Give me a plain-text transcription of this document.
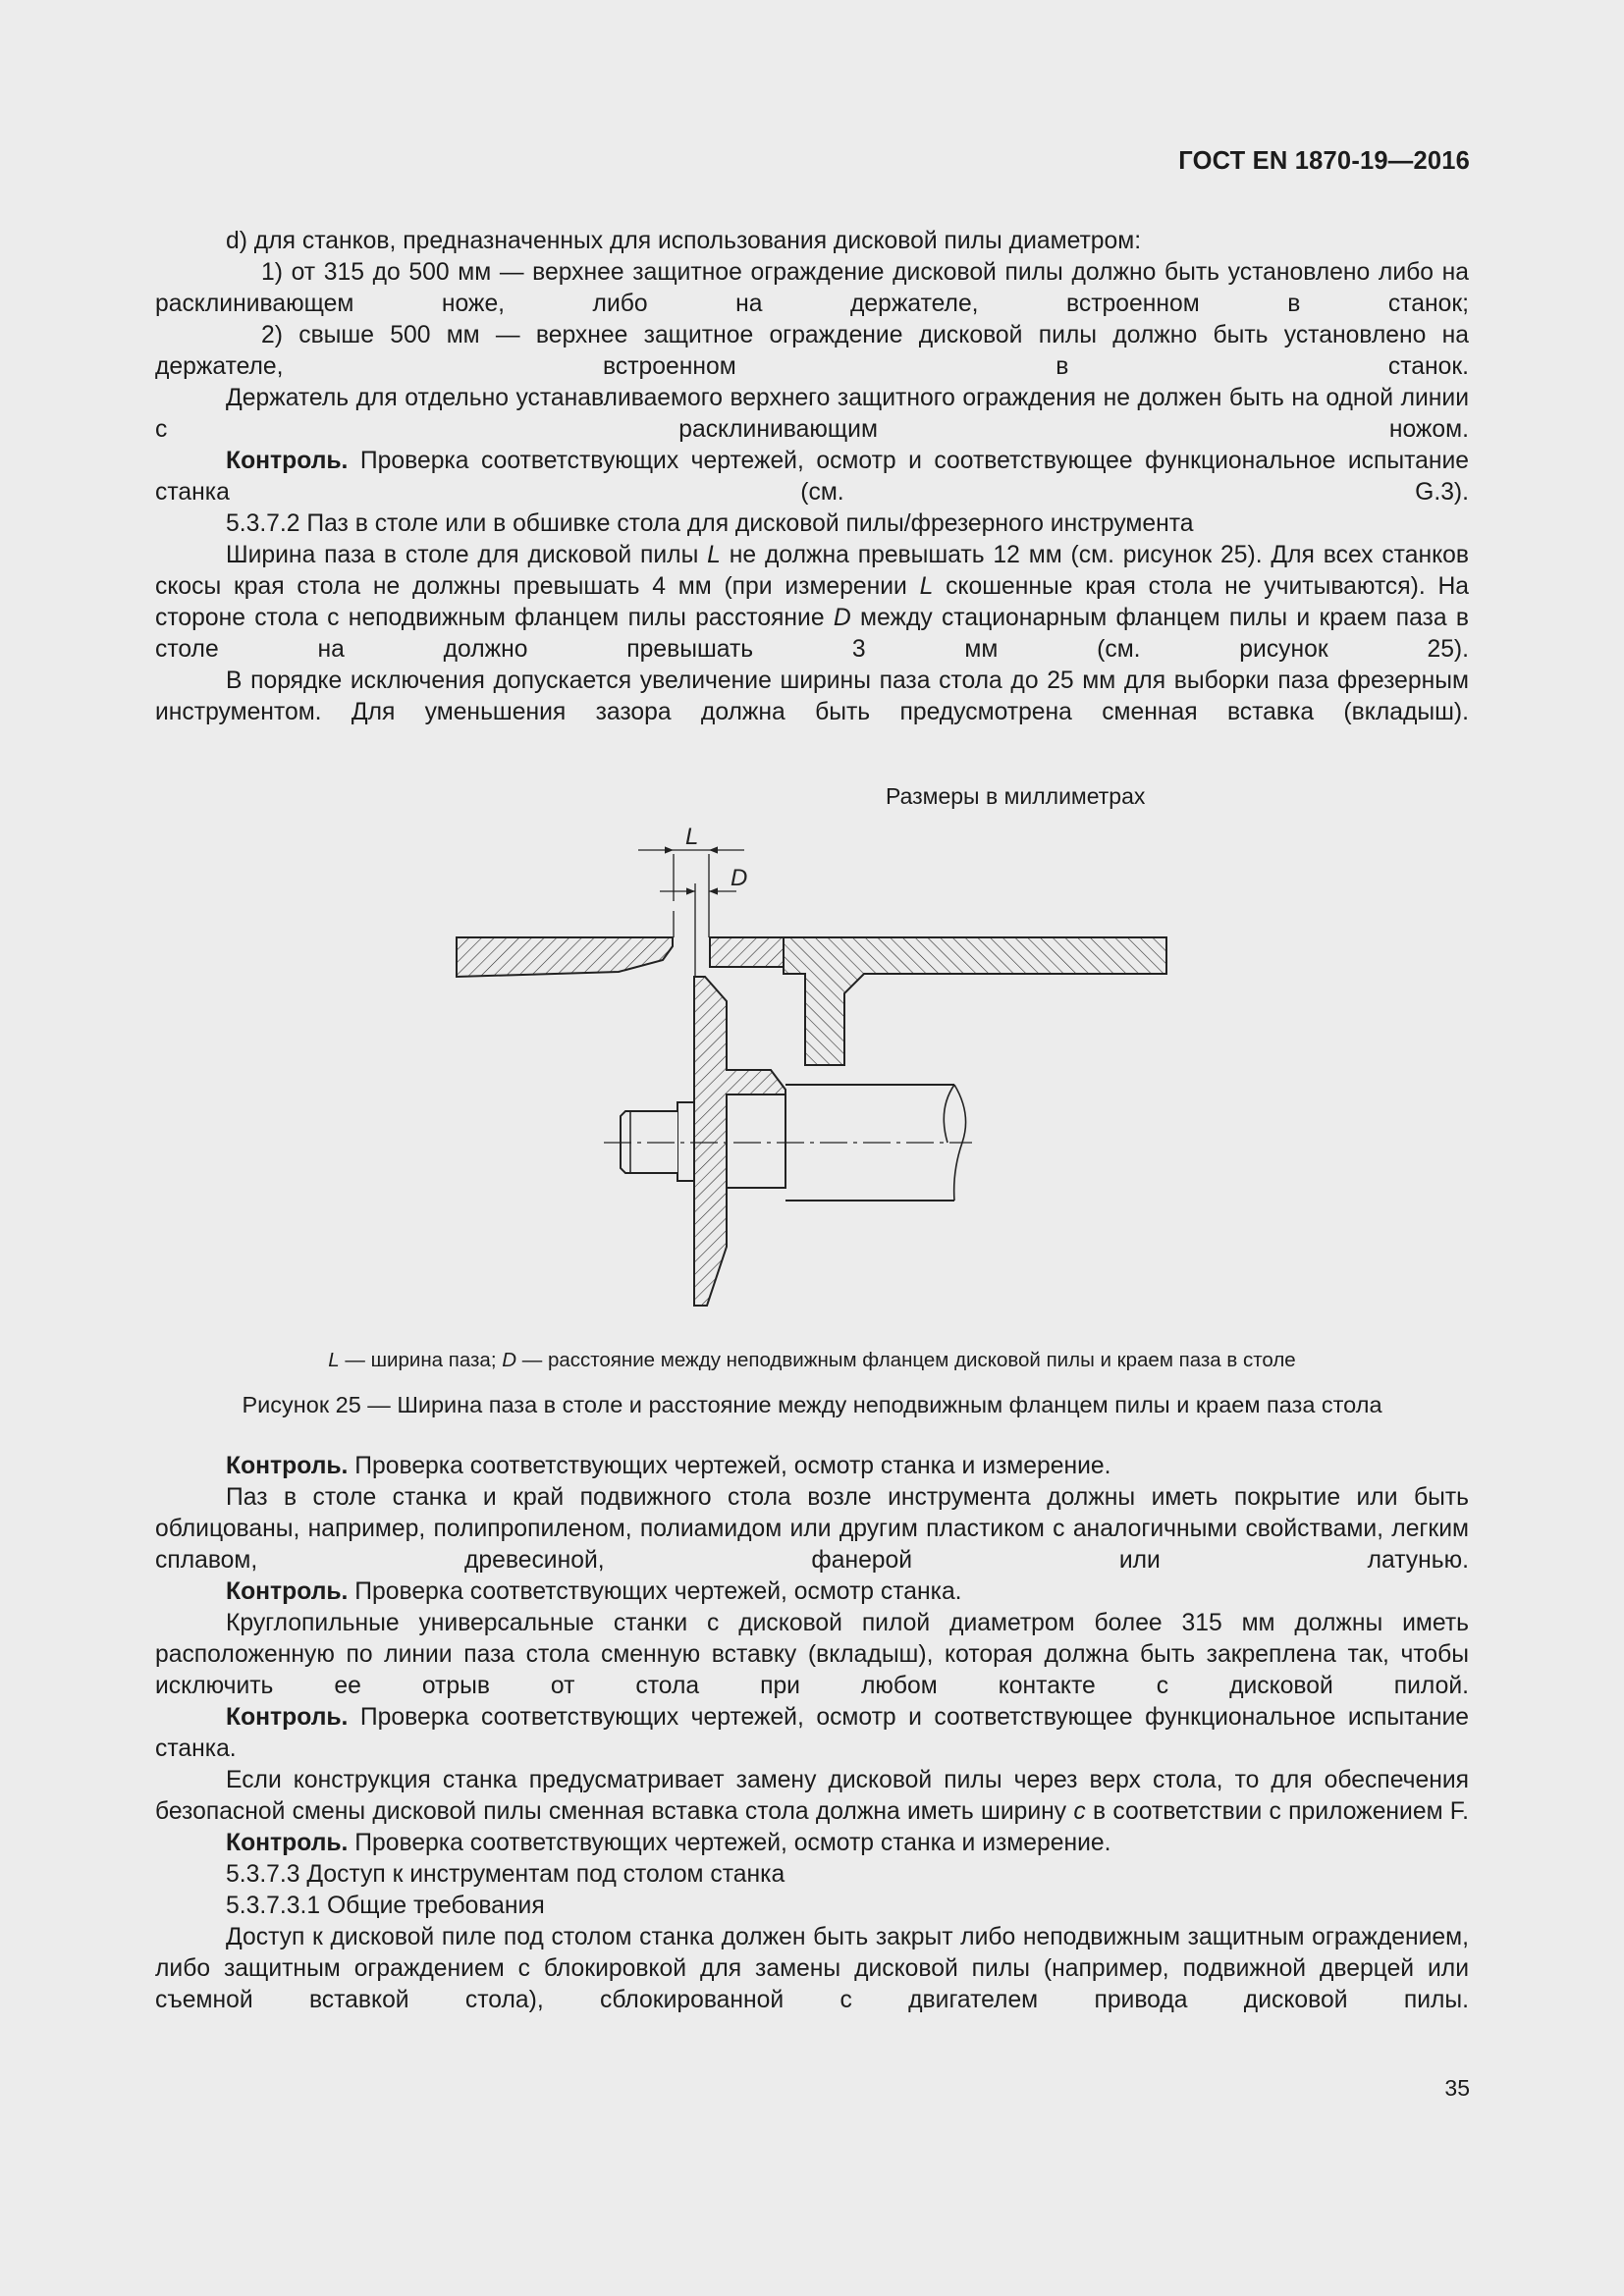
ГОСТ EN 1870-19—2016

d) для станков, предназначенных для использования дисковой пилы диаметром:

1) от 315 до 500 мм — верхнее защитное ограждение дисковой пилы должно быть установлено либо на расклинивающем ноже, либо на держателе, встроенном в станок;

2) свыше 500 мм — верхнее защитное ограждение дисковой пилы должно быть установлено на держателе, встроенном в станок.

Держатель для отдельно устанавливаемого верхнего защитного ограждения не должен быть на одной линии с расклинивающим ножом.

Контроль. Проверка соответствующих чертежей, осмотр и соответствующее функциональное испытание станка (см. G.3).

5.3.7.2 Паз в столе или в обшивке стола для дисковой пилы/фрезерного инструмента

Ширина паза в столе для дисковой пилы L не должна превышать 12 мм (см. рисунок 25). Для всех станков скосы края стола не должны превышать 4 мм (при измерении L скошенные края стола не учитываются). На стороне стола с неподвижным фланцем пилы расстояние D между стационарным фланцем пилы и краем паза в столе на должно превышать 3 мм (см. рисунок 25).

В порядке исключения допускается увеличение ширины паза стола до 25 мм для выборки паза фрезерным инструментом. Для уменьшения зазора должна быть предусмотрена сменная вставка (вкладыш).

Размеры в миллиметрах
L
D
L — ширина паза; D — расстояние между неподвижным фланцем дисковой пилы и краем паза в столе
Рисунок 25 — Ширина паза в столе и расстояние между неподвижным фланцем пилы и краем паза стола

Контроль. Проверка соответствующих чертежей, осмотр станка и измерение.

Паз в столе станка и край подвижного стола возле инструмента должны иметь покрытие или быть облицованы, например, полипропиленом, полиамидом или другим пластиком с аналогичными свойствами, легким сплавом, древесиной, фанерой или латунью.

Контроль. Проверка соответствующих чертежей, осмотр станка.

Круглопильные универсальные станки с дисковой пилой диаметром более 315 мм должны иметь расположенную по линии паза стола сменную вставку (вкладыш), которая должна быть закреплена так, чтобы исключить ее отрыв от стола при любом контакте с дисковой пилой.

Контроль. Проверка соответствующих чертежей, осмотр и соответствующее функциональное испытание станка.

Если конструкция станка предусматривает замену дисковой пилы через верх стола, то для обеспечения безопасной смены дисковой пилы сменная вставка стола должна иметь ширину с в соответствии с приложением F.

Контроль. Проверка соответствующих чертежей, осмотр станка и измерение.

5.3.7.3 Доступ к инструментам под столом станка

5.3.7.3.1 Общие требования

Доступ к дисковой пиле под столом станка должен быть закрыт либо неподвижным защитным ограждением, либо защитным ограждением с блокировкой для замены дисковой пилы (например, подвижной дверцей или съемной вставкой стола), сблокированной с двигателем привода дисковой пилы.

35
